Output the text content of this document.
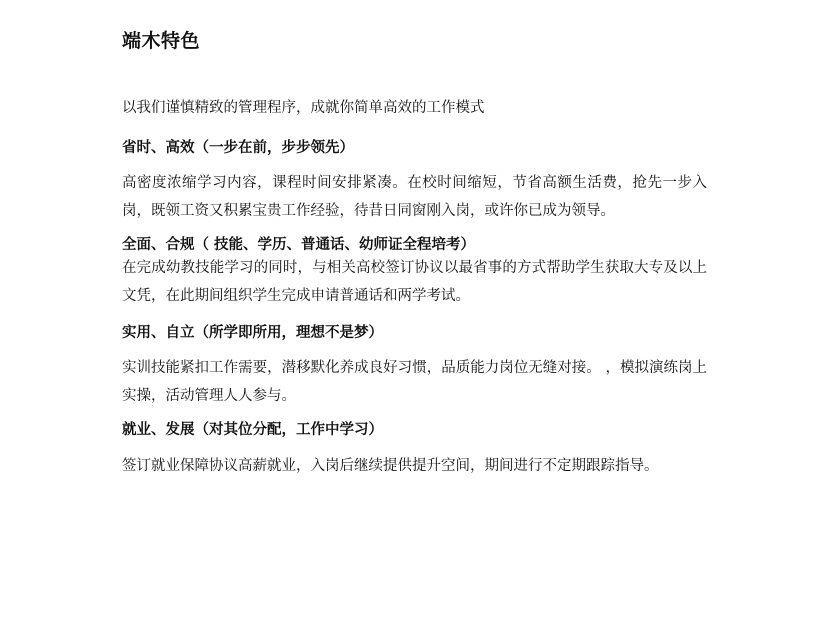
端木特色

以我们谨慎精致的管理程序，成就你简单高效的工作模式

省时、高效（一步在前，步步领先）

高密度浓缩学习内容，课程时间安排紧凑。在校时间缩短，节省高额生活费，抢先一步入岗，既领工资又积累宝贵工作经验，待昔日同窗刚入岗，或许你已成为领导。

全面、合规（ 技能、学历、普通话、幼师证全程培考）

在完成幼教技能学习的同时，与相关高校签订协议以最省事的方式帮助学生获取大专及以上文凭，在此期间组织学生完成申请普通话和两学考试。

实用、自立（所学即所用，理想不是梦）

实训技能紧扣工作需要，潜移默化养成良好习惯，品质能力岗位无缝对接。 ，模拟演练岗上实操，活动管理人人参与。

就业、发展（对其位分配，工作中学习）

签订就业保障协议高薪就业，入岗后继续提供提升空间，期间进行不定期跟踪指导。
